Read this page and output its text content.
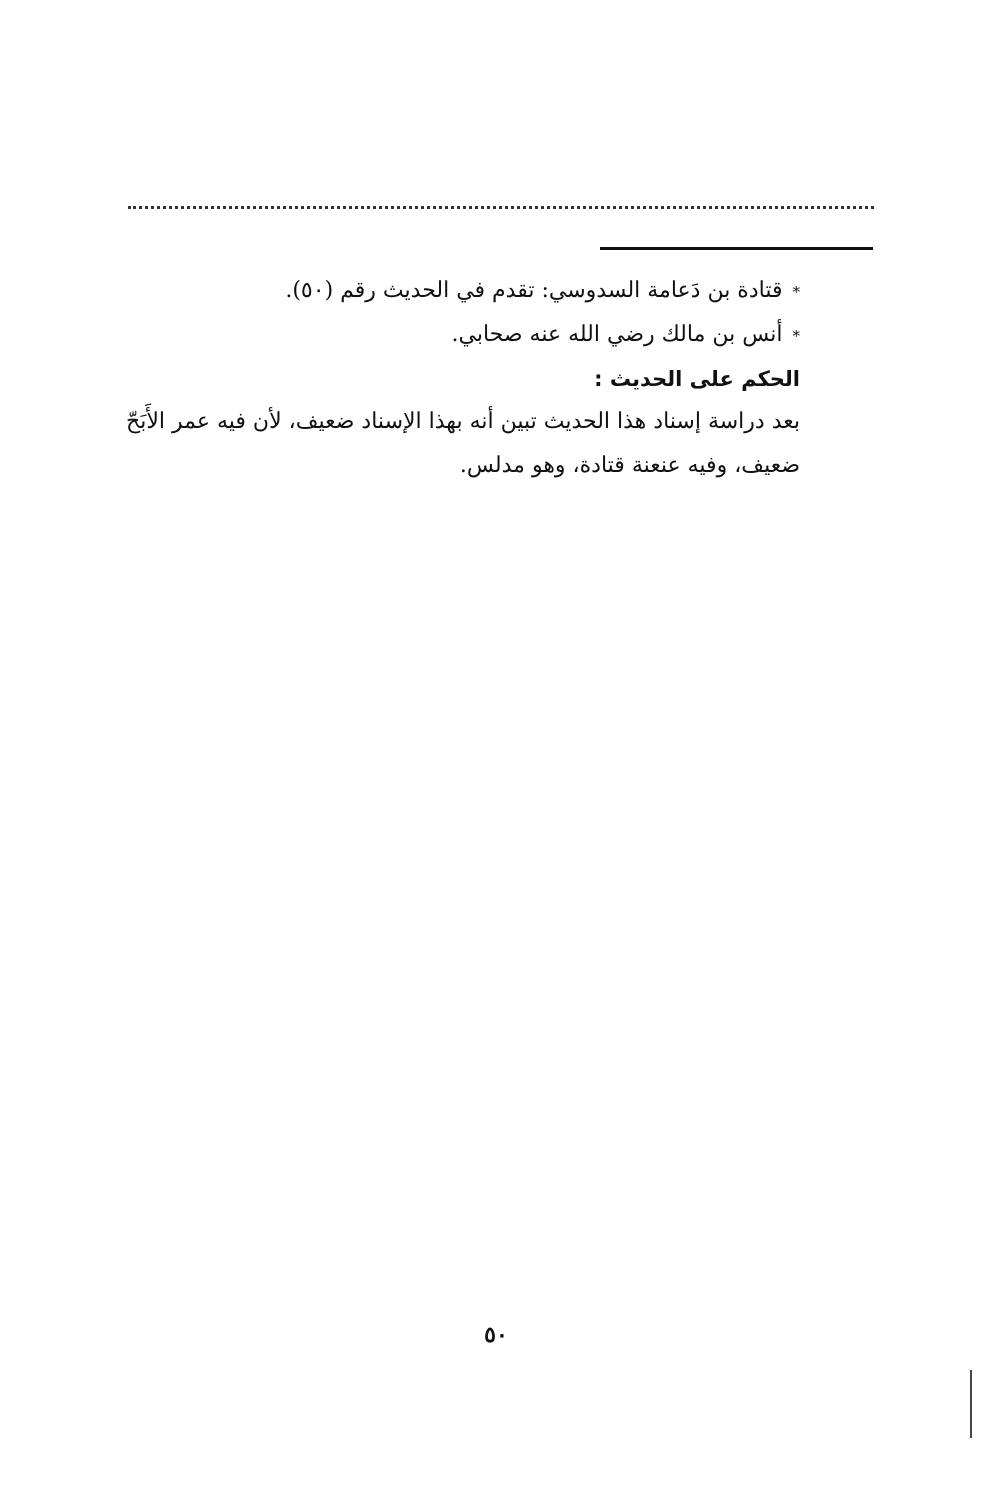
*قتادة بن دَعامة السدوسي: تقدم في الحديث رقم (٥٠).
*أنس بن مالك رضي الله عنه صحابي.
الحكم على الحديث :
بعد دراسة إسناد هذا الحديث تبين أنه بهذا الإسناد ضعيف، لأن فيه عمر الأَبَحّ
ضعيف، وفيه عنعنة قتادة، وهو مدلس.
٥٠
